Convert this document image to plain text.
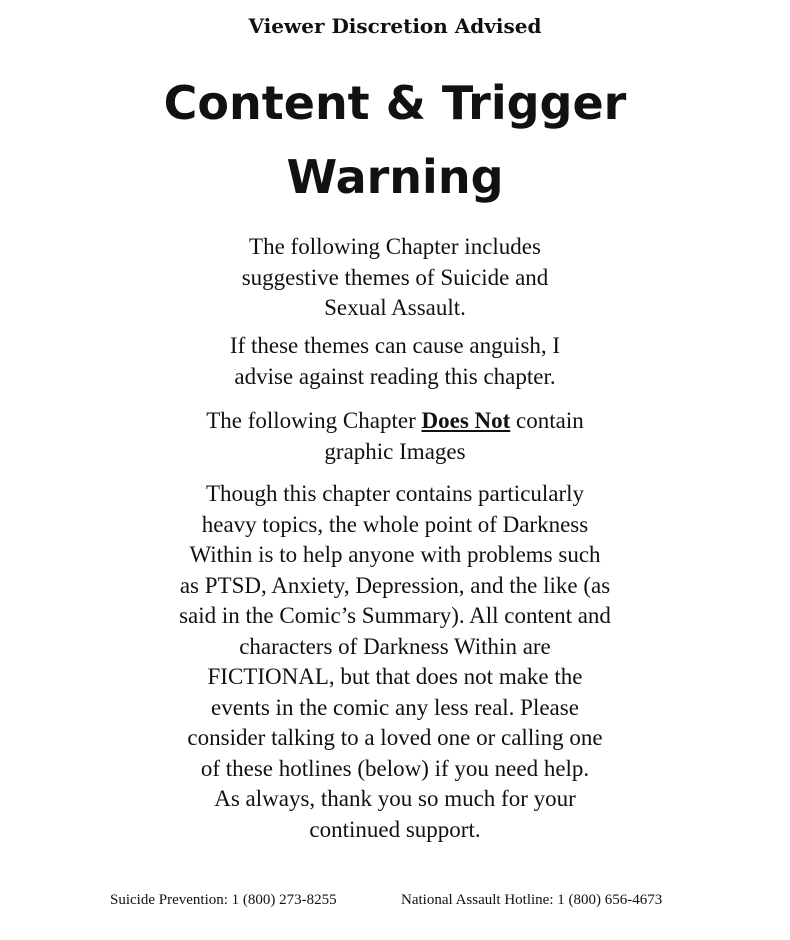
Viewer Discretion Advised
Content & Trigger
Warning
The following Chapter includes
suggestive themes of Suicide and
Sexual Assault.
If these themes can cause anguish, I
advise against reading this chapter.
The following Chapter Does Not contain
graphic Images
Though this chapter contains particularly
heavy topics, the whole point of Darkness
Within is to help anyone with problems such
as PTSD, Anxiety, Depression, and the like (as
said in the Comic’s Summary). All content and
characters of Darkness Within are
FICTIONAL, but that does not make the
events in the comic any less real. Please
consider talking to a loved one or calling one
of these hotlines (below) if you need help.
As always, thank you so much for your
continued support.
Suicide Prevention: 1 (800) 273-8255	National Assault Hotline: 1 (800) 656-4673
